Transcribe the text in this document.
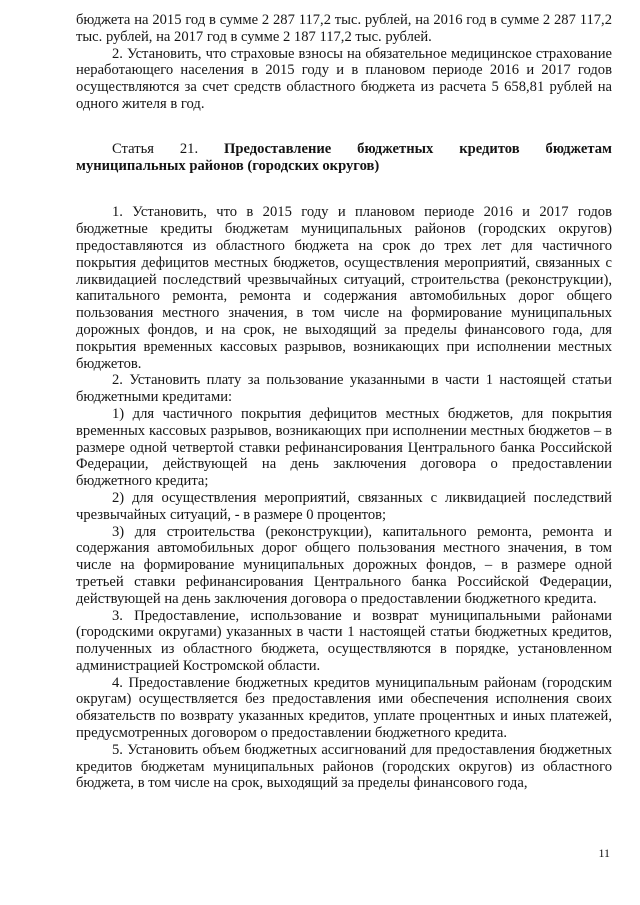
бюджета на 2015 год в сумме 2 287 117,2 тыс. рублей, на 2016 год в сумме 2 287 117,2 тыс. рублей, на 2017 год в сумме 2 187 117,2 тыс. рублей.

2. Установить, что страховые взносы на обязательное медицинское страхование неработающего населения в 2015 году и в плановом периоде 2016 и 2017 годов осуществляются за счет средств областного бюджета из расчета 5 658,81 рублей на одного жителя в год.

Статья 21. Предоставление бюджетных кредитов бюджетам муниципальных районов (городских округов)

1. Установить, что в 2015 году и плановом периоде 2016 и 2017 годов бюджетные кредиты бюджетам муниципальных районов (городских округов) предоставляются из областного бюджета на срок до трех лет для частичного покрытия дефицитов местных бюджетов, осуществления мероприятий, связанных с ликвидацией последствий чрезвычайных ситуаций, строительства (реконструкции), капитального ремонта, ремонта и содержания автомобильных дорог общего пользования местного значения, в том числе на формирование муниципальных дорожных фондов, и на срок, не выходящий за пределы финансового года, для покрытия временных кассовых разрывов, возникающих при исполнении местных бюджетов.

2. Установить плату за пользование указанными в части 1 настоящей статьи бюджетными кредитами:

1) для частичного покрытия дефицитов местных бюджетов, для покрытия временных кассовых разрывов, возникающих при исполнении местных бюджетов – в размере одной четвертой ставки рефинансирования Центрального банка Российской Федерации, действующей на день заключения договора о предоставлении бюджетного кредита;

2) для осуществления мероприятий, связанных с ликвидацией последствий чрезвычайных ситуаций, - в размере 0 процентов;

3) для строительства (реконструкции), капитального ремонта, ремонта и содержания автомобильных дорог общего пользования местного значения, в том числе на формирование муниципальных дорожных фондов, – в размере одной третьей ставки рефинансирования Центрального банка Российской Федерации, действующей на день заключения договора о предоставлении бюджетного кредита.

3. Предоставление, использование и возврат муниципальными районами (городскими округами) указанных в части 1 настоящей статьи бюджетных кредитов, полученных из областного бюджета, осуществляются в порядке, установленном администрацией Костромской области.

4. Предоставление бюджетных кредитов муниципальным районам (городским округам) осуществляется без предоставления ими обеспечения исполнения своих обязательств по возврату указанных кредитов, уплате процентных и иных платежей, предусмотренных договором о предоставлении бюджетного кредита.

5. Установить объем бюджетных ассигнований для предоставления бюджетных кредитов бюджетам муниципальных районов (городских округов) из областного бюджета, в том числе на срок, выходящий за пределы финансового года,

11
